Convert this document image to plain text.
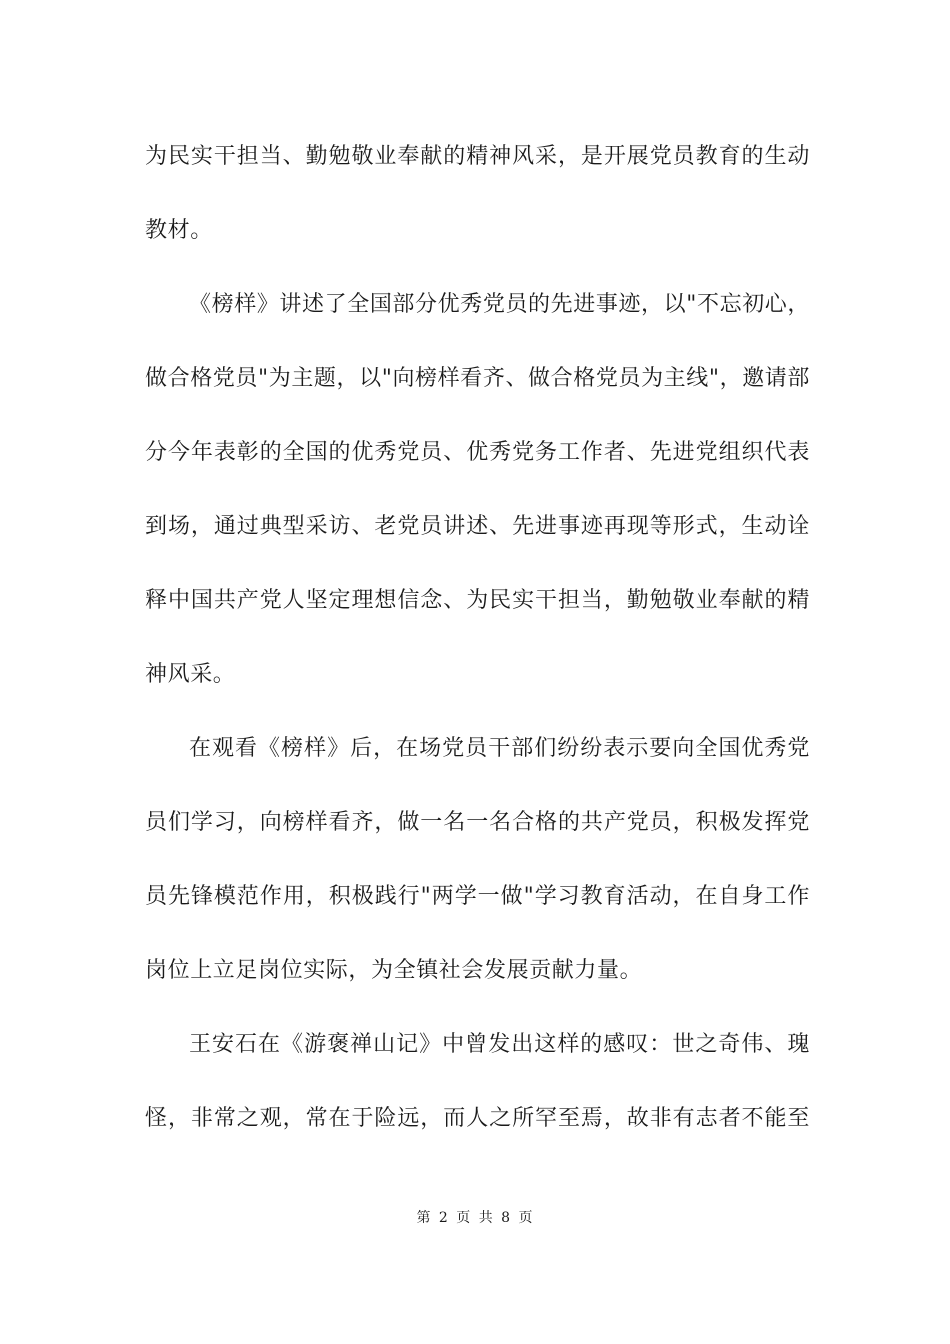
为民实干担当、勤勉敬业奉献的精神风采，是开展党员教育的生动
教材。
《榜样》讲述了全国部分优秀党员的先进事迹，以"不忘初心，
做合格党员"为主题，以"向榜样看齐、做合格党员为主线"，邀请部
分今年表彰的全国的优秀党员、优秀党务工作者、先进党组织代表
到场，通过典型采访、老党员讲述、先进事迹再现等形式，生动诠
释中国共产党人坚定理想信念、为民实干担当，勤勉敬业奉献的精
神风采。
在观看《榜样》后，在场党员干部们纷纷表示要向全国优秀党
员们学习，向榜样看齐，做一名一名合格的共产党员，积极发挥党
员先锋模范作用，积极践行"两学一做"学习教育活动，在自身工作
岗位上立足岗位实际，为全镇社会发展贡献力量。
王安石在《游褒禅山记》中曾发出这样的感叹：世之奇伟、瑰
怪，非常之观，常在于险远，而人之所罕至焉，故非有志者不能至
第 2 页 共 8 页
